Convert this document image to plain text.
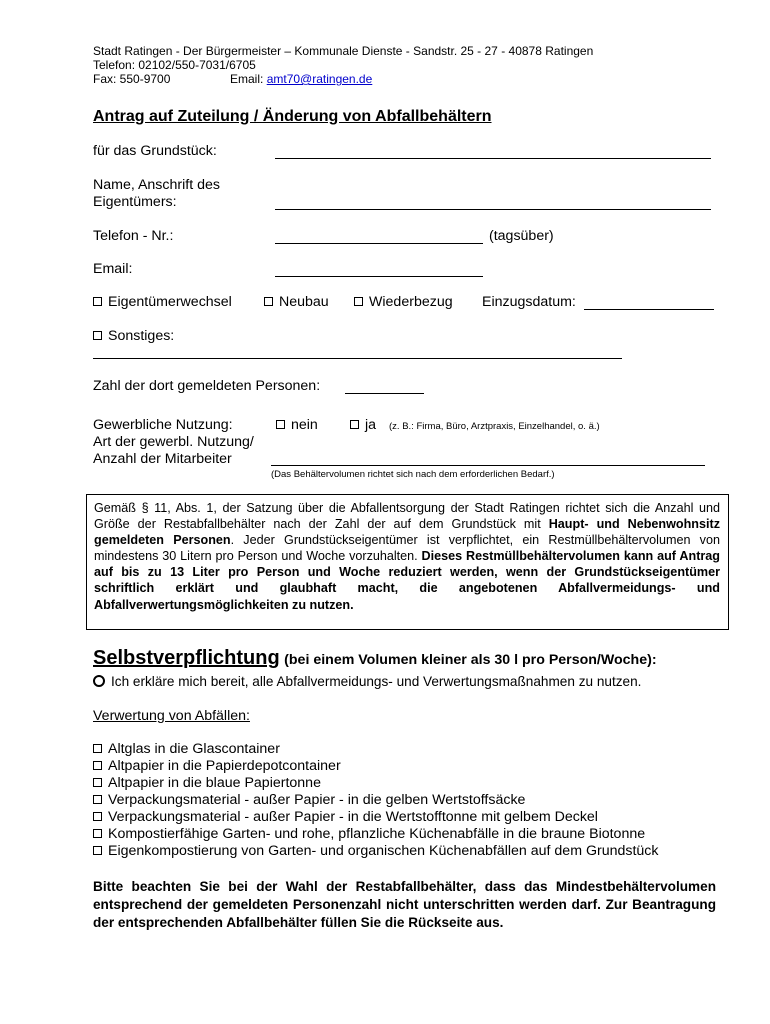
Stadt Ratingen - Der Bürgermeister – Kommunale Dienste - Sandstr. 25 - 27 - 40878 Ratingen
Telefon: 02102/550-7031/6705
Fax: 550-9700	Email: amt70@ratingen.de
Antrag auf Zuteilung / Änderung von Abfallbehältern
für das Grundstück:
Name, Anschrift des
Eigentümers:
Telefon - Nr.:	(tagsüber)
Email:
Eigentümerwechsel	Neubau	Wiederbezug Einzugsdatum:
Sonstiges:
Zahl der dort gemeldeten Personen:
Gewerbliche Nutzung:	nein	ja (z. B.: Firma, Büro, Arztpraxis, Einzelhandel, o. ä.)
Art der gewerbl. Nutzung/
Anzahl der Mitarbeiter
(Das Behältervolumen richtet sich nach dem erforderlichen Bedarf.)

Gemäß § 11, Abs. 1, der Satzung über die Abfallentsorgung der Stadt Ratingen richtet sich die Anzahl und Größe der Restabfallbehälter nach der Zahl der auf dem Grundstück mit Haupt- und Nebenwohnsitz gemeldeten Personen. Jeder Grundstückseigentümer ist verpflichtet, ein Restmüllbehältervolumen von mindestens 30 Litern pro Person und Woche vorzuhalten. Dieses Restmüllbehältervolumen kann auf Antrag auf bis zu 13 Liter pro Person und Woche reduziert werden, wenn der Grundstückseigentümer schriftlich erklärt und glaubhaft macht, die angebotenen Abfallvermeidungs- und Abfallverwertungsmöglichkeiten zu nutzen.

Selbstverpflichtung (bei einem Volumen kleiner als 30 l pro Person/Woche):
Ich erkläre mich bereit, alle Abfallvermeidungs- und Verwertungsmaßnahmen zu nutzen.
Verwertung von Abfällen:
Altglas in die Glascontainer
Altpapier in die Papierdepotcontainer
Altpapier in die blaue Papiertonne
Verpackungsmaterial - außer Papier - in die gelben Wertstoffsäcke
Verpackungsmaterial - außer Papier - in die Wertstofftonne mit gelbem Deckel
Kompostierfähige Garten- und rohe, pflanzliche Küchenabfälle in die braune Biotonne
Eigenkompostierung von Garten- und organischen Küchenabfällen auf dem Grundstück

Bitte beachten Sie bei der Wahl der Restabfallbehälter, dass das Mindestbehältervolumen entsprechend der gemeldeten Personenzahl nicht unterschritten werden darf. Zur Beantragung der entsprechenden Abfallbehälter füllen Sie die Rückseite aus.
